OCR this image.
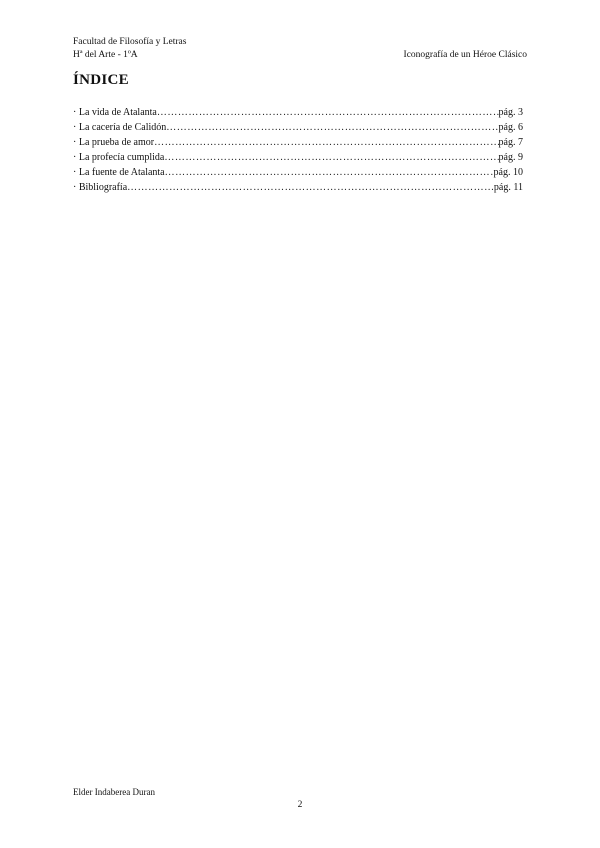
Facultad de Filosofía y Letras
Hª del Arte - 1ºA	Iconografía de un Héroe Clásico
ÍNDICE
· La vida de Atalanta …………………………………………………………………………………………………………………………………………	pág. 3
· La cacería de Calidón …………………………………………………………………………………………………………………………………………	pág. 6
· La prueba de amor …………………………………………………………………………………………………………………………………………	pág. 7
· La profecía cumplida …………………………………………………………………………………………………………………………………………	pág. 9
· La fuente de Atalanta …………………………………………………………………………………………………………………………………………	pág. 10
· Bibliografía …………………………………………………………………………………………………………………………………………	pág. 11
Elder Indaberea Duran
2
